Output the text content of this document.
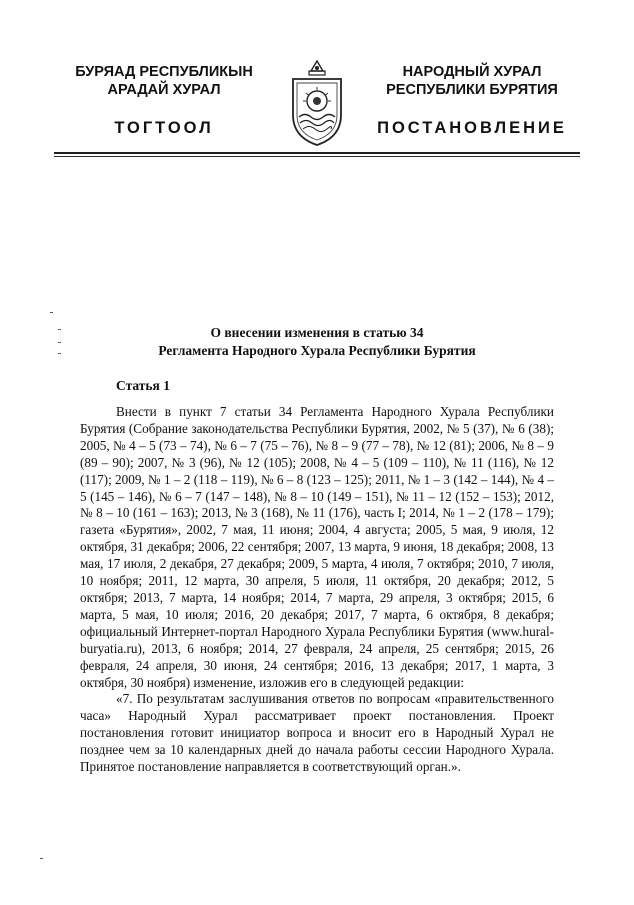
БУРЯАД РЕСПУБЛИКЫН
АРАДАЙ ХУРАЛ
ТОГТООЛ
НАРОДНЫЙ ХУРАЛ
РЕСПУБЛИКИ БУРЯТИЯ
ПОСТАНОВЛЕНИЕ
О внесении изменения в статью 34
Регламента Народного Хурала Республики Бурятия
Статья 1

Внести в пункт 7 статьи 34 Регламента Народного Хурала Республики Бурятия (Собрание законодательства Республики Бурятия, 2002, № 5 (37), № 6 (38); 2005, № 4 – 5 (73 – 74), № 6 – 7 (75 – 76), № 8 – 9 (77 – 78), № 12 (81); 2006, № 8 – 9 (89 – 90); 2007, № 3 (96), № 12 (105); 2008, № 4 – 5 (109 – 110), № 11 (116), № 12 (117); 2009, № 1 – 2 (118 – 119), № 6 – 8 (123 – 125); 2011, № 1 – 3 (142 – 144), № 4 – 5 (145 – 146), № 6 – 7 (147 – 148), № 8 – 10 (149 – 151), № 11 – 12 (152 – 153); 2012, № 8 – 10 (161 – 163); 2013, № 3 (168), № 11 (176), часть I; 2014, № 1 – 2 (178 – 179); газета «Бурятия», 2002, 7 мая, 11 июня; 2004, 4 августа; 2005, 5 мая, 9 июля, 12 октября, 31 декабря; 2006, 22 сентября; 2007, 13 марта, 9 июня, 18 декабря; 2008, 13 мая, 17 июля, 2 декабря, 27 декабря; 2009, 5 марта, 4 июля, 7 октября; 2010, 7 июля, 10 ноября; 2011, 12 марта, 30 апреля, 5 июля, 11 октября, 20 декабря; 2012, 5 октября; 2013, 7 марта, 14 ноября; 2014, 7 марта, 29 апреля, 3 октября; 2015, 6 марта, 5 мая, 10 июля; 2016, 20 декабря; 2017, 7 марта, 6 октября, 8 декабря; официальный Интернет-портал Народного Хурала Республики Бурятия (www.hural-buryatia.ru), 2013, 6 ноября; 2014, 27 февраля, 24 апреля, 25 сентября; 2015, 26 февраля, 24 апреля, 30 июня, 24 сентября; 2016, 13 декабря; 2017, 1 марта, 3 октября, 30 ноября) изменение, изложив его в следующей редакции:

«7. По результатам заслушивания ответов по вопросам «правительственного часа» Народный Хурал рассматривает проект постановления. Проект постановления готовит инициатор вопроса и вносит его в Народный Хурал не позднее чем за 10 календарных дней до начала работы сессии Народного Хурала. Принятое постановление направляется в соответствующий орган.».
